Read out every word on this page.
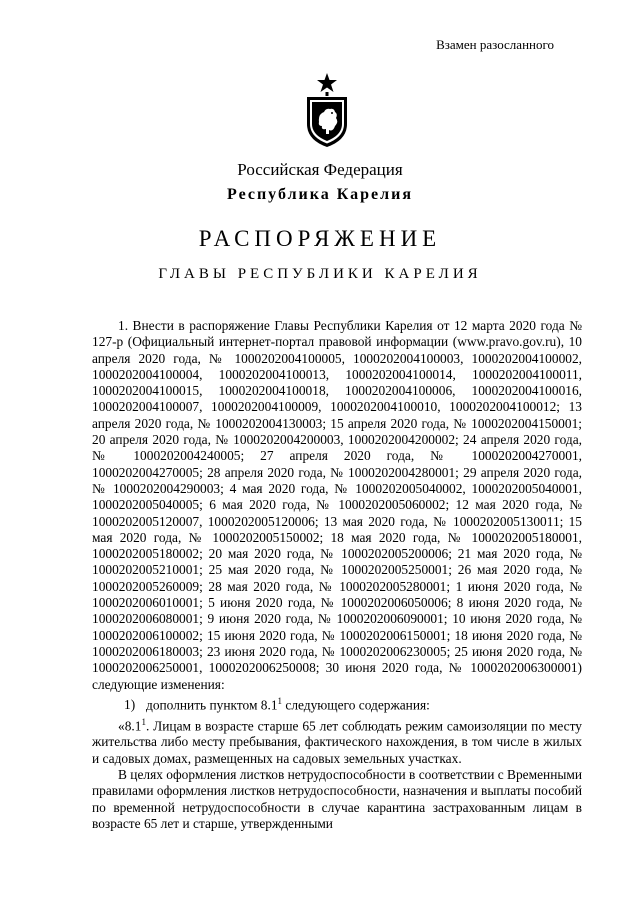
Взамен разосланного
Российская Федерация
Республика Карелия
РАСПОРЯЖЕНИЕ
ГЛАВЫ РЕСПУБЛИКИ КАРЕЛИЯ

1. Внести в распоряжение Главы Республики Карелия от 12 марта 2020 года № 127-р (Официальный интернет-портал правовой информации (www.pravo.gov.ru), 10 апреля 2020 года, № 1000202004100005, 1000202004100003, 1000202004100002, 1000202004100004, 1000202004100013, 1000202004100014, 1000202004100011, 1000202004100015, 1000202004100018, 1000202004100006, 1000202004100016, 1000202004100007, 1000202004100009, 1000202004100010, 1000202004100012; 13 апреля 2020 года, № 1000202004130003; 15 апреля 2020 года, № 1000202004150001; 20 апреля 2020 года, № 1000202004200003, 1000202004200002; 24 апреля 2020 года, № 1000202004240005; 27 апреля 2020 года, № 1000202004270001, 1000202004270005; 28 апреля 2020 года, № 1000202004280001; 29 апреля 2020 года, № 1000202004290003; 4 мая 2020 года, № 1000202005040002, 1000202005040001, 1000202005040005; 6 мая 2020 года, № 1000202005060002; 12 мая 2020 года, № 1000202005120007, 1000202005120006; 13 мая 2020 года, № 1000202005130011; 15 мая 2020 года, № 1000202005150002; 18 мая 2020 года, № 1000202005180001, 1000202005180002; 20 мая 2020 года, № 1000202005200006; 21 мая 2020 года, № 1000202005210001; 25 мая 2020 года, № 1000202005250001; 26 мая 2020 года, № 1000202005260009; 28 мая 2020 года, № 1000202005280001; 1 июня 2020 года, № 1000202006010001; 5 июня 2020 года, № 1000202006050006; 8 июня 2020 года, № 1000202006080001; 9 июня 2020 года, № 1000202006090001; 10 июня 2020 года, № 1000202006100002; 15 июня 2020 года, № 1000202006150001; 18 июня 2020 года, № 1000202006180003; 23 июня 2020 года, № 1000202006230005; 25 июня 2020 года, № 1000202006250001, 1000202006250008; 30 июня 2020 года, № 1000202006300001) следующие изменения:

1) дополнить пунктом $8.1^1$ следующего содержания:

«$8.1^1$. Лицам в возрасте старше 65 лет соблюдать режим самоизоляции по месту жительства либо месту пребывания, фактического нахождения, в том числе в жилых и садовых домах, размещенных на садовых земельных участках.

В целях оформления листков нетрудоспособности в соответствии с Временными правилами оформления листков нетрудоспособности, назначения и выплаты пособий по временной нетрудоспособности в случае карантина застрахованным лицам в возрасте 65 лет и старше, утвержденными
